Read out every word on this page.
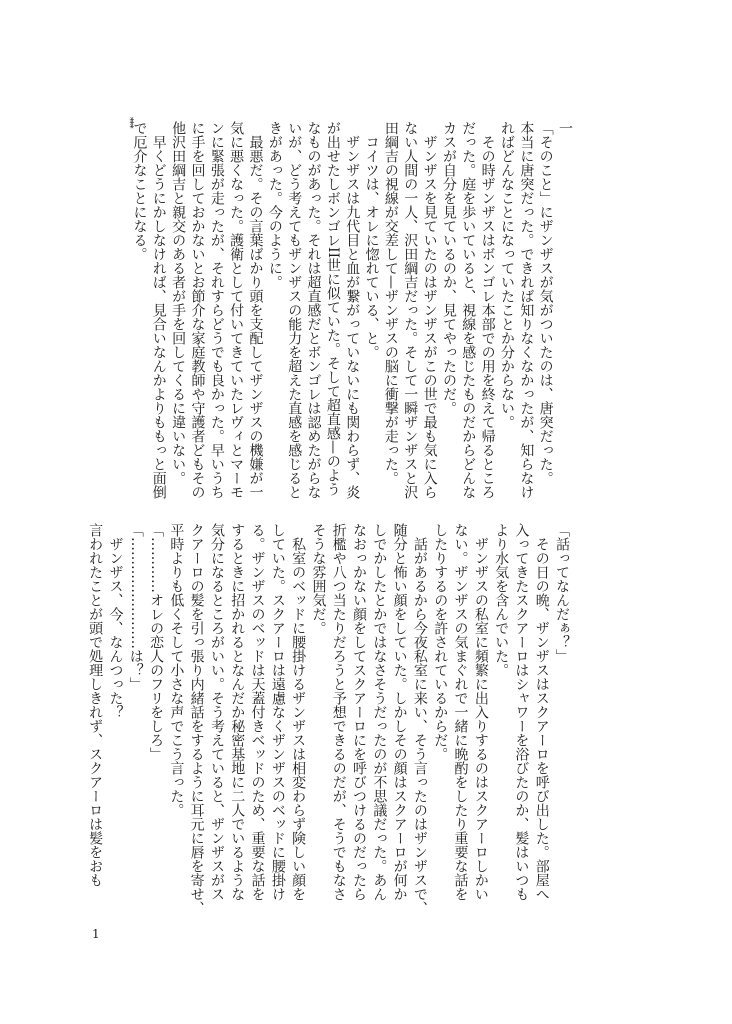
一

「そのこと」にザンザスが気がついたのは、唐突だった。

本当に唐突だった。できれば知りなくなかったが、知らなけ

ればどんなことになっていたことか分からない。

　その時ザンザスはボンゴレ本部での用を終えて帰るところ

だった。庭を歩いていると、視線を感じたものだからどんな

カスが自分を見ているのか、見てやったのだ。

　ザンザスを見ていたのはザンザスがこの世で最も気に入ら

ない人間の一人、沢田綱吉だった。そして一瞬ザンザスと沢

田綱吉の視線が交差して—ザンザスの脳に衝撃が走った。

　コイツは、オレに惚れている、と。

　ザンザスは九代目と血が繋がっていないにも関わらず、炎

が出せたしボンゴレII世に似ていた。そして超直感—のよう

なものがあった。それは超直感だとボンゴレは認めたがらな

いが、どう考えてもザンザスの能力を超えた直感を感じると

きがあった。今のように。

　最悪だ。その言葉ばかり頭を支配してザンザスの機嫌が一

気に悪くなった。護衛として付いてきていたレヴィとマーモ

ンに緊張が走ったが、それすらどうでも良かった。早いうち

に手を回しておかないとお節介な家庭教師や守護者どもその

他沢田綱吉と親交のある者が手を回してくるに違いない。

　早くどうにかしなければ、見合いなんかよりももっと面倒

で厄介なことになる。

***

「話ってなんだぁ？」

　その日の晩、ザンザスはスクアーロを呼び出した。部屋へ

入ってきたスクアーロはシャワーを浴びたのか、髪はいつも

より水気を含んでいた。

　ザンザスの私室に頻繁に出入りするのはスクアーロしかい

ない。ザンザスの気まぐれで一緒に晩酌をしたり重要な話を

したりするのを許されているからだ。

　話があるから今夜私室に来い、そう言ったのはザンザスで、

随分と怖い顔をしていた。しかしその顔はスクアーロが何か

しでかしたとかではなさそうだったのが不思議だった。あん

なおっかない顔をしてスクアーロにを呼びつけるのだったら

折檻や八つ当たりだろうと予想できるのだが、そうでもなさ

そうな雰囲気だ。

　私室のベッドに腰掛けるザンザスは相変わらず険しい顔を

していた。スクアーロは遠慮なくザンザスのベッドに腰掛け

る。ザンザスのベッドは天蓋付きベッドのため、重要な話を

するときに招かれるとなんだか秘密基地に二人でいるような

気分になるところがいい。そう考えていると、ザンザスがス

クアーロの髪を引っ張り内緒話をするように耳元に唇を寄せ、

平時よりも低くそして小さな声でこう言った。

「…………オレの恋人のフリをしろ」

「……………………は？」

　ザンザス、今、なんつった？

言われたことが頭で処理しきれず、スクアーロは髪をおも

1
